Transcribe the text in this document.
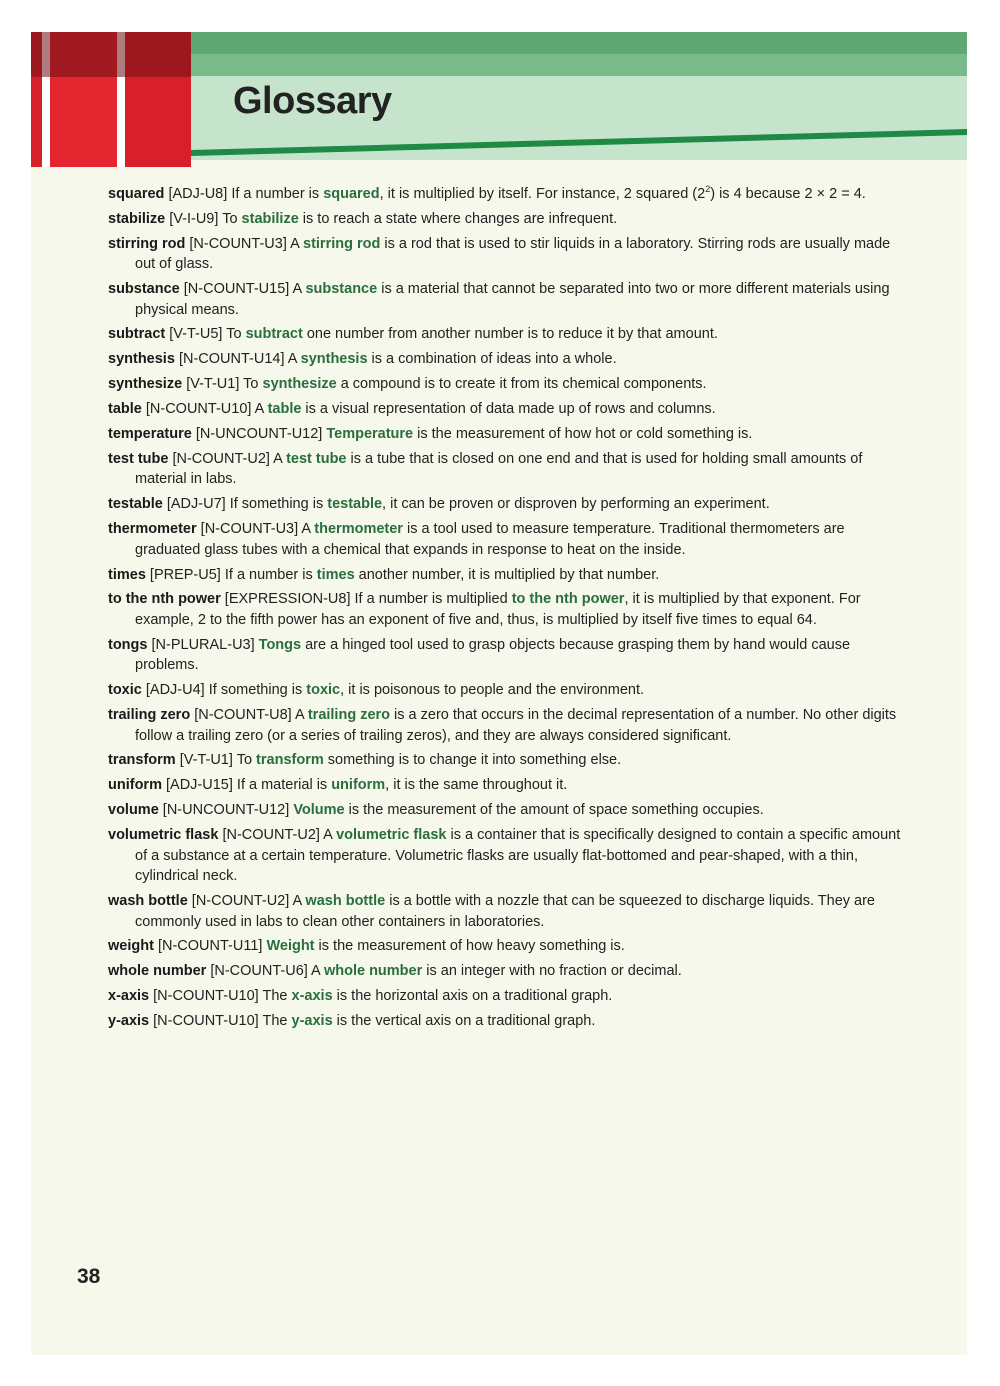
Glossary

squared [ADJ-U8] If a number is squared, it is multiplied by itself. For instance, 2 squared $(2^2)$ is 4 because 2 × 2 = 4.

stabilize [V-I-U9] To stabilize is to reach a state where changes are infrequent.

stirring rod [N-COUNT-U3] A stirring rod is a rod that is used to stir liquids in a laboratory. Stirring rods are usually made out of glass.

substance [N-COUNT-U15] A substance is a material that cannot be separated into two or more different materials using physical means.

subtract [V-T-U5] To subtract one number from another number is to reduce it by that amount.

synthesis [N-COUNT-U14] A synthesis is a combination of ideas into a whole.

synthesize [V-T-U1] To synthesize a compound is to create it from its chemical components.

table [N-COUNT-U10] A table is a visual representation of data made up of rows and columns.

temperature [N-UNCOUNT-U12] Temperature is the measurement of how hot or cold something is.

test tube [N-COUNT-U2] A test tube is a tube that is closed on one end and that is used for holding small amounts of material in labs.

testable [ADJ-U7] If something is testable, it can be proven or disproven by performing an experiment.

thermometer [N-COUNT-U3] A thermometer is a tool used to measure temperature. Traditional thermometers are graduated glass tubes with a chemical that expands in response to heat on the inside.

times [PREP-U5] If a number is times another number, it is multiplied by that number.

to the nth power [EXPRESSION-U8] If a number is multiplied to the nth power, it is multiplied by that exponent. For example, 2 to the fifth power has an exponent of five and, thus, is multiplied by itself five times to equal 64.

tongs [N-PLURAL-U3] Tongs are a hinged tool used to grasp objects because grasping them by hand would cause problems.

toxic [ADJ-U4] If something is toxic, it is poisonous to people and the environment.

trailing zero [N-COUNT-U8] A trailing zero is a zero that occurs in the decimal representation of a number. No other digits follow a trailing zero (or a series of trailing zeros), and they are always considered significant.

transform [V-T-U1] To transform something is to change it into something else.

uniform [ADJ-U15] If a material is uniform, it is the same throughout it.

volume [N-UNCOUNT-U12] Volume is the measurement of the amount of space something occupies.

volumetric flask [N-COUNT-U2] A volumetric flask is a container that is specifically designed to contain a specific amount of a substance at a certain temperature. Volumetric flasks are usually flat-bottomed and pear-shaped, with a thin, cylindrical neck.

wash bottle [N-COUNT-U2] A wash bottle is a bottle with a nozzle that can be squeezed to discharge liquids. They are commonly used in labs to clean other containers in laboratories.

weight [N-COUNT-U11] Weight is the measurement of how heavy something is.

whole number [N-COUNT-U6] A whole number is an integer with no fraction or decimal.

x-axis [N-COUNT-U10] The x-axis is the horizontal axis on a traditional graph.

y-axis [N-COUNT-U10] The y-axis is the vertical axis on a traditional graph.

38
